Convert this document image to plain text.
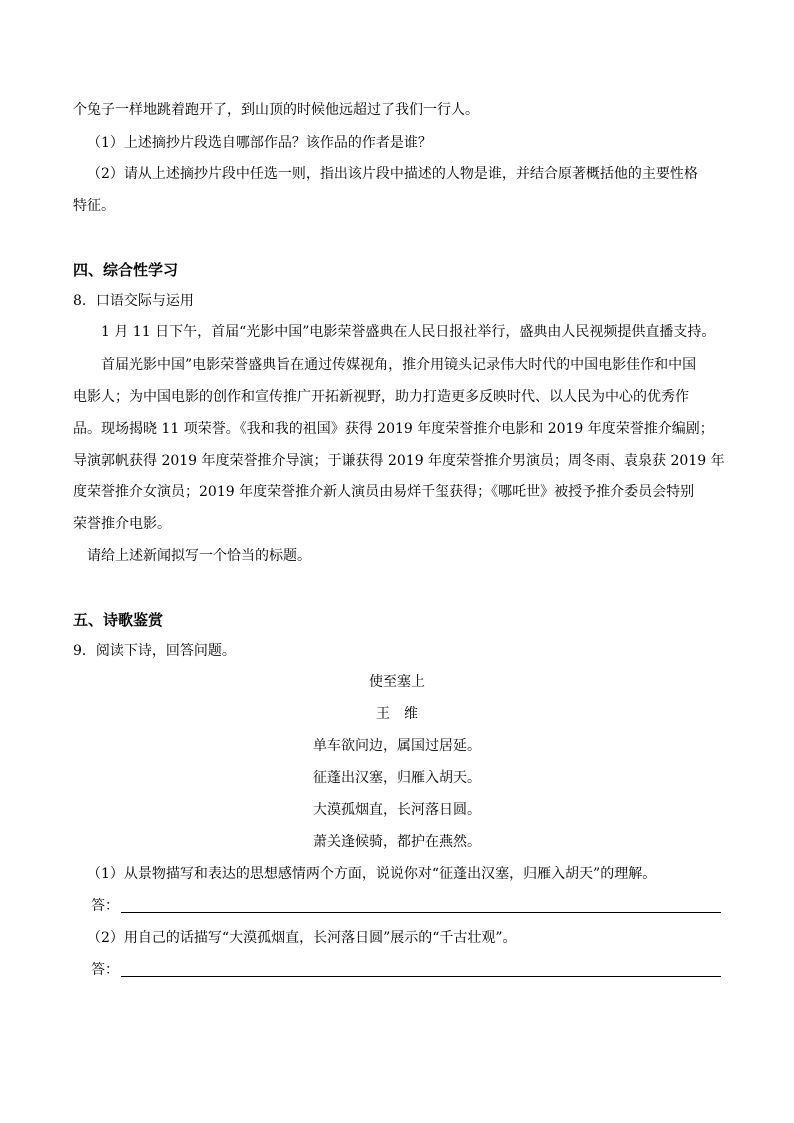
个兔子一样地跳着跑开了，到山顶的时候他远超过了我们一行人。
（1）上述摘抄片段选自哪部作品？该作品的作者是谁？
（2）请从上述摘抄片段中任选一则，指出该片段中描述的人物是谁，并结合原著概括他的主要性格
特征。
四、综合性学习
8．口语交际与运用
1 月 11 日下午，首届“光影中国”电影荣誉盛典在人民日报社举行，盛典由人民视频提供直播支持。
首届光影中国”电影荣誉盛典旨在通过传媒视角，推介用镜头记录伟大时代的中国电影佳作和中国
电影人；为中国电影的创作和宣传推广开拓新视野，助力打造更多反映时代、以人民为中心的优秀作
品。现场揭晓 11 项荣誉。《我和我的祖国》获得 2019 年度荣誉推介电影和 2019 年度荣誉推介编剧；
导演郭帆获得 2019 年度荣誉推介导演；于谦获得 2019 年度荣誉推介男演员；周冬雨、袁泉获 2019 年
度荣誉推介女演员；2019 年度荣誉推介新人演员由易烊千玺获得；《哪吒世》被授予推介委员会特别
荣誉推介电影。
请给上述新闻拟写一个恰当的标题。
五、诗歌鉴赏
9．阅读下诗，回答问题。
使至塞上
王　维
单车欲问边，属国过居延。
征蓬出汉塞，归雁入胡天。
大漠孤烟直，长河落日圆。
萧关逢候骑，都护在燕然。
（1）从景物描写和表达的思想感情两个方面，说说你对“征蓬出汉塞，归雁入胡天”的理解。
答：
（2）用自己的话描写“大漠孤烟直，长河落日圆”展示的“千古壮观”。
答：
